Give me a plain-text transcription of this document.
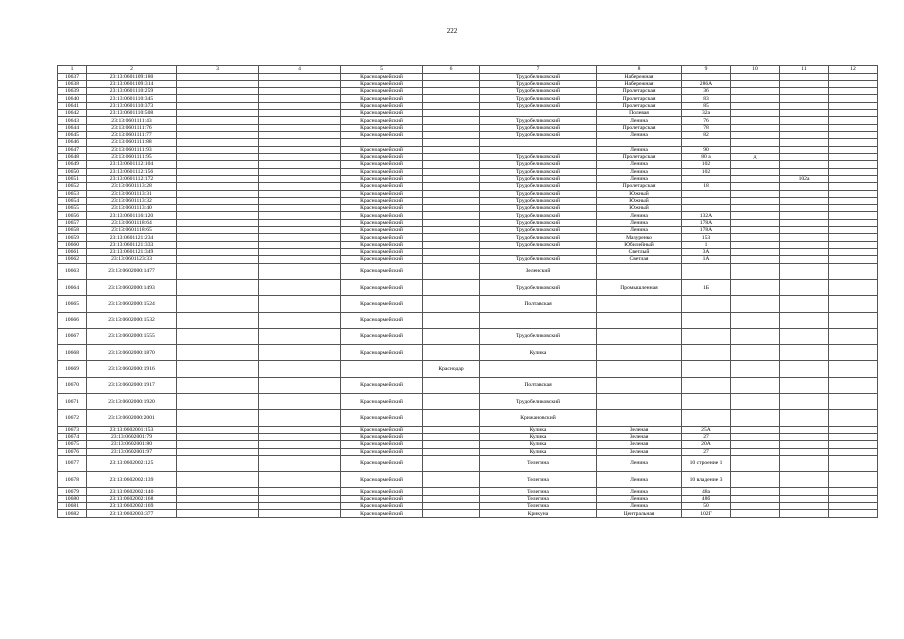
222
1	2	3	4	5	6	7	8	9	10	11	12
10637	23:13:0601109:180			Красноармейский		Трудобеликовский	Набережная				
10638	23:13:0601109:314			Красноармейский		Трудобеликовский	Набережная	286А			
10639	23:13:0601110:259			Красноармейский		Трудобеликовский	Пролетарская	36			
10640	23:13:0601110:345			Красноармейский		Трудобеликовский	Пролетарская	83			
10641	23:13:0601110:373			Красноармейский		Трудобеликовский	Пролетарская	85			
10642	23:13:0601110:508			Красноармейский			Полевая	32а			
10643	23:13:0601111:43			Красноармейский		Трудобеликовский	Ленина	76			
10644	23:13:0601111:76			Красноармейский		Трудобеликовский	Пролетарская	78			
10645	23:13:0601111:77			Красноармейский		Трудобеликовский	Ленина	82			
10646	23:13:0601111:88										
10647	23:13:0601111:93			Красноармейский			Ленина	90			
10648	23:13:0601111:95			Красноармейский		Трудобеликовский	Пролетарская	80 а	д		
10649	23:13:0601112:104			Красноармейский		Трудобеликовский	Ленина	102			
10650	23:13:0601112:156			Красноармейский		Трудобеликовский	Ленина	102			
10651	23:13:0601112:172			Красноармейский		Трудобеликовский	Ленина			102а	
10652	23:13:0601113:28			Красноармейский		Трудобеликовский	Пролетарская	18			
10653	23:13:0601113:31			Красноармейский		Трудобеликовский	Южный				
10654	23:13:0601113:32			Красноармейский		Трудобеликовский	Южный				
10655	23:13:0601113:40			Красноармейский		Трудобеликовский	Южный				
10656	23:13:0601116:120			Красноармейский		Трудобеликовский	Ленина	132А			
10657	23:13:0601118:64			Красноармейский		Трудобеликовский	Ленина	178А			
10658	23:13:0601118:65			Красноармейский		Трудобеликовский	Ленина	178А			
10659	23:13:0601121:234			Красноармейский		Трудобеликовский	Мазуренко	153			
10660	23:13:0601121:333			Красноармейский		Трудобеликовский	Юбилейный	1			
10661	23:13:0601121:349			Красноармейский			Светлый	3А			
10662	23:13:0601123:33			Красноармейский		Трудобеликовский	Светлая	1А			
10663	23:13:0602000:1477			Красноармейский		Зеленский					
10664	23:13:0602000:1493			Красноармейский		Трудобеликовский	Промышленная	1Б			
10665	23:13:0602000:1524			Красноармейский		Полтавская					
10666	23:13:0602000:1532			Красноармейский							
10667	23:13:0602000:1555			Красноармейский		Трудобеликовский					
10668	23:13:0602000:1870			Красноармейский		Кулика					
10669	23:13:0602000:1916				Краснодар						
10670	23:13:0602000:1917			Красноармейский		Полтавская					
10671	23:13:0602000:1920			Красноармейский		Трудобеликовский					
10672	23:13:0602000:2001			Красноармейский		Крижановский					
10673	23:13:0602001:153			Красноармейский		Кулика	Зеленая	25А			
10674	23:13:0602001:79			Красноармейский		Кулика	Зеленая	27			
10675	23:13:0602001:80			Красноармейский		Кулика	Зеленая	20А			
10676	23:13:0602001:97			Красноармейский		Кулика	Зеленая	27			
10677	23:13:0602002:125			Красноармейский		Телегина	Ленина	10 строение 1			
10678	23:13:0602002:139			Красноармейский		Телегина	Ленина	10 владение 3			
10679	23:13:0602002:140			Красноармейский		Телегина	Ленина	48а			
10680	23:13:0602002:168			Красноармейский		Телегина	Ленина	48б			
10681	23:13:0602002:169			Красноармейский		Телегина	Ленина	50			
10682	23:13:0602003:377			Красноармейский		Крикуна	Центральная	102Г			
